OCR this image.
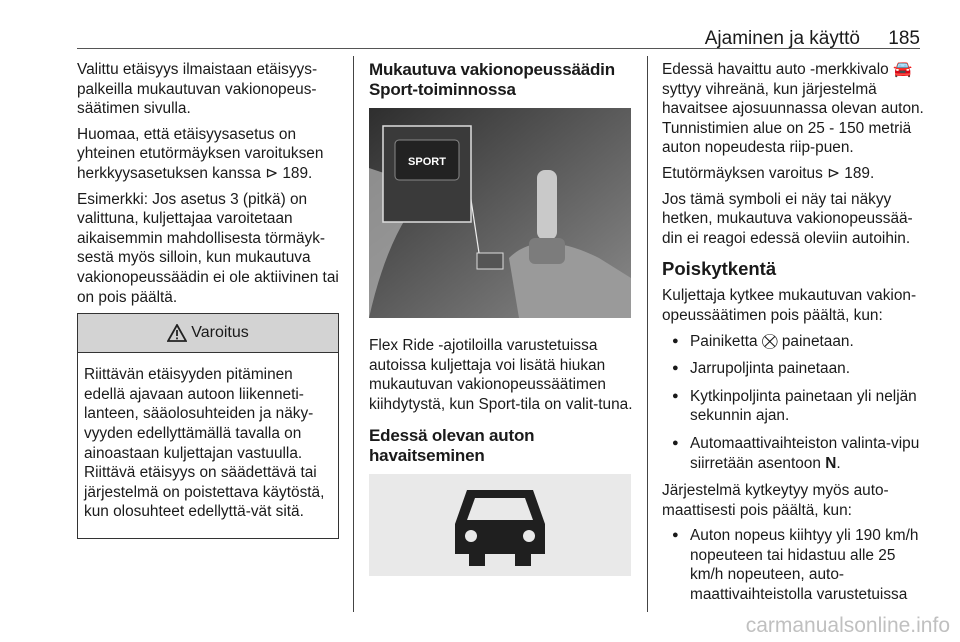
Ajaminen ja käyttö 185

Valittu etäisyys ilmaistaan etäisyys-palkeilla mukautuvan vakionopeus-säätimen sivulla.

Huomaa, että etäisyysasetus on yhteinen etutörmäyksen varoituksen herkkyysasetuksen kanssa ⊳ 189.

Esimerkki: Jos asetus 3 (pitkä) on valittuna, kuljettajaa varoitetaan aikaisemmin mahdollisesta törmäyk-sestä myös silloin, kun mukautuva vakionopeussäädin ei ole aktiivinen tai on pois päältä.

Varoitus
Riittävän etäisyyden pitäminen edellä ajavaan autoon liikenneti-lanteen, sääolosuhteiden ja näky-vyyden edellyttämällä tavalla on ainoastaan kuljettajan vastuulla. Riittävä etäisyys on säädettävä tai järjestelmä on poistettava käytöstä, kun olosuhteet edellyttä-vät sitä.
Mukautuva vakionopeussäädin Sport-toiminnossa
SPORT

Flex Ride -ajotiloilla varustetuissa autoissa kuljettaja voi lisätä hiukan mukautuvan vakionopeussäätimen kiihdytystä, kun Sport-tila on valit-tuna.

Edessä olevan auton havaitseminen

Edessä havaittu auto -merkkivalo 🚘 syttyy vihreänä, kun järjestelmä havaitsee ajosuunnassa olevan auton. Tunnistimien alue on 25 - 150 metriä auton nopeudesta riip-puen.

Etutörmäyksen varoitus ⊳ 189.

Jos tämä symboli ei näy tai näkyy hetken, mukautuva vakionopeussää-din ei reagoi edessä oleviin autoihin.

Poiskytkentä

Kuljettaja kytkee mukautuvan vakion-opeussäätimen pois päältä, kun:

● Painiketta ⛒ painetaan.
● Jarrupoljinta painetaan.
● Kytkinpoljinta painetaan yli neljän sekunnin ajan.
● Automaattivaihteiston valinta-vipu siirretään asentoon N.

Järjestelmä kytkeytyy myös auto-maattisesti pois päältä, kun:

● Auton nopeus kiihtyy yli 190 km/h nopeuteen tai hidastuu alle 25 km/h nopeuteen, auto-maattivaihteistolla varustetuissa
carmanualsonline.info
